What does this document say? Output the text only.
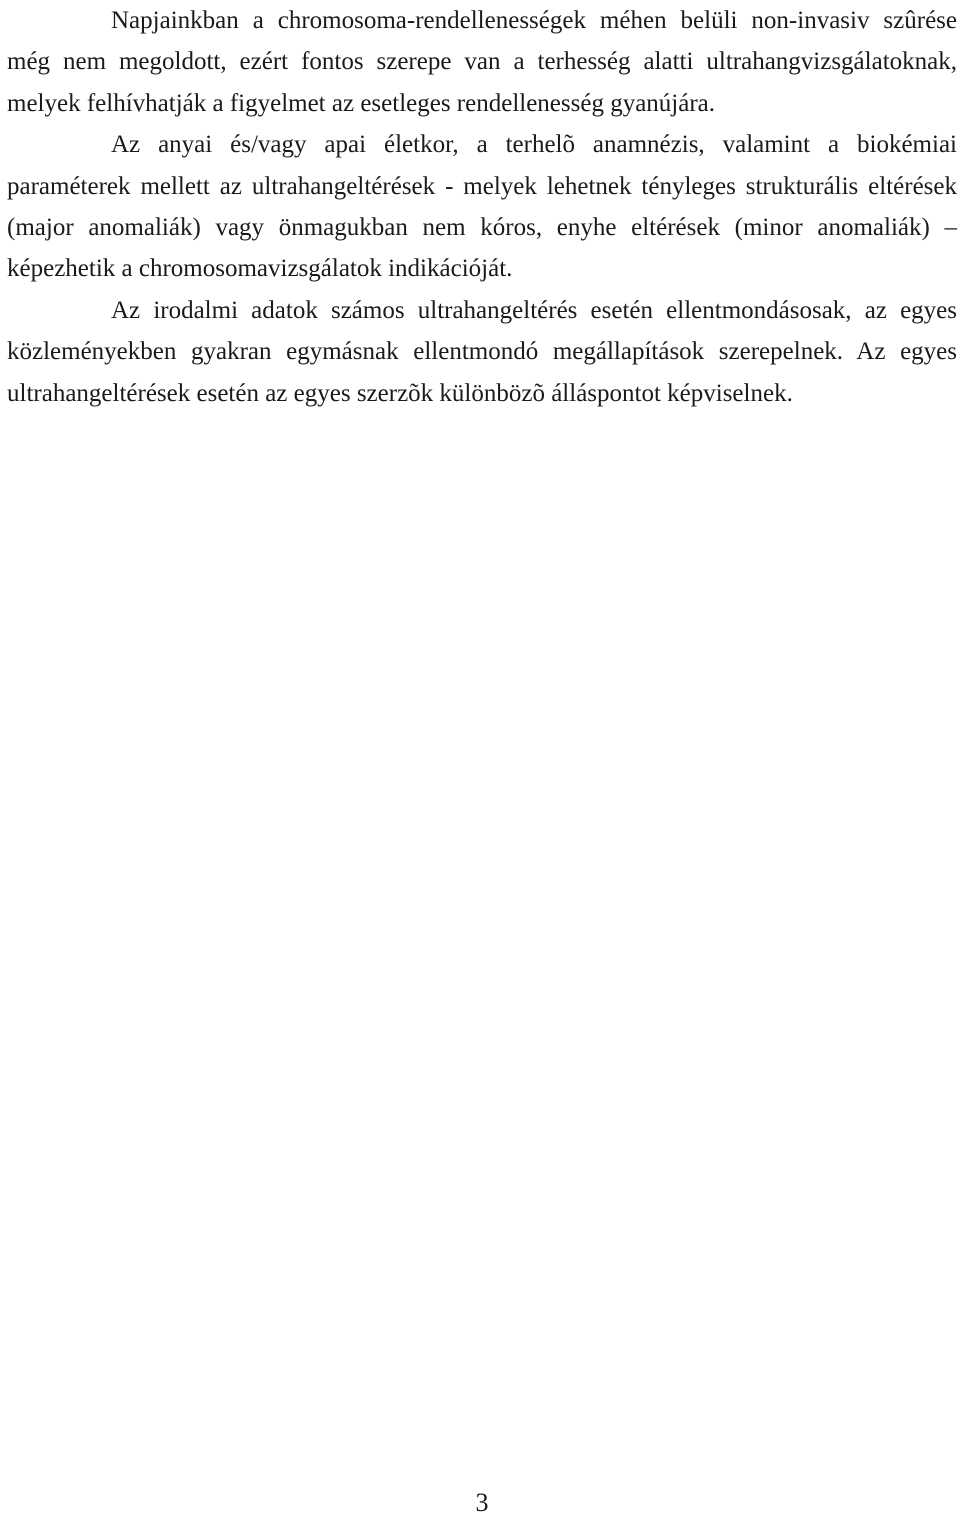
Napjainkban a chromosoma-rendellenességek méhen belüli non-invasiv szûrése még nem megoldott, ezért fontos szerepe van a terhesség alatti ultrahangvizsgálatoknak, melyek felhívhatják a figyelmet az esetleges rendellenesség gyanújára.

Az anyai és/vagy apai életkor, a terhelõ anamnézis, valamint a biokémiai paraméterek mellett az ultrahangeltérések - melyek lehetnek tényleges strukturális eltérések (major anomaliák) vagy önmagukban nem kóros, enyhe eltérések (minor anomaliák) – képezhetik a chromosomavizsgálatok indikációját.

Az irodalmi adatok számos ultrahangeltérés esetén ellentmondásosak, az egyes közleményekben gyakran egymásnak ellentmondó megállapítások szerepelnek. Az egyes ultrahangeltérések esetén az egyes szerzõk különbözõ álláspontot képviselnek.

3
